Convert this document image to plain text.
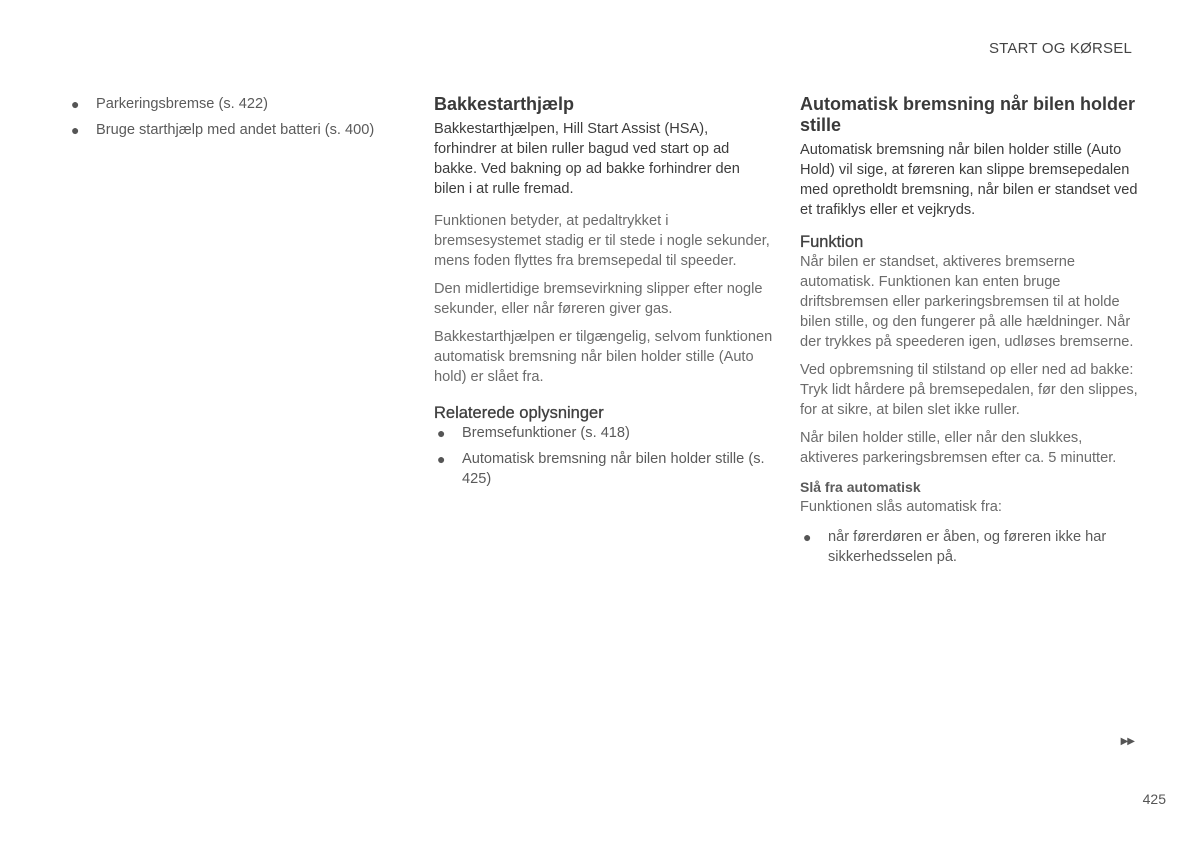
START OG KØRSEL
● Parkeringsbremse (s. 422)
● Bruge starthjælp med andet batteri (s. 400)
Bakkestarthjælp

Bakkestarthjælpen, Hill Start Assist (HSA), forhindrer at bilen ruller bagud ved start op ad bakke. Ved bakning op ad bakke forhindrer den bilen i at rulle fremad.

Funktionen betyder, at pedaltrykket i bremsesystemet stadig er til stede i nogle sekunder, mens foden flyttes fra bremsepedal til speeder.

Den midlertidige bremsevirkning slipper efter nogle sekunder, eller når føreren giver gas.

Bakkestarthjælpen er tilgængelig, selvom funktionen automatisk bremsning når bilen holder stille (Auto hold) er slået fra.

Relaterede oplysninger
● Bremsefunktioner (s. 418)
● Automatisk bremsning når bilen holder stille (s. 425)
Automatisk bremsning når bilen holder stille

Automatisk bremsning når bilen holder stille (Auto Hold) vil sige, at føreren kan slippe bremsepedalen med opretholdt bremsning, når bilen er standset ved et trafiklys eller et vejkryds.

Funktion

Når bilen er standset, aktiveres bremserne automatisk. Funktionen kan enten bruge driftsbremsen eller parkeringsbremsen til at holde bilen stille, og den fungerer på alle hældninger. Når der trykkes på speederen igen, udløses bremserne.

Ved opbremsning til stilstand op eller ned ad bakke: Tryk lidt hårdere på bremsepedalen, før den slippes, for at sikre, at bilen slet ikke ruller.

Når bilen holder stille, eller når den slukkes, aktiveres parkeringsbremsen efter ca. 5 minutter.

Slå fra automatisk

Funktionen slås automatisk fra:

● når førerdøren er åben, og føreren ikke har sikkerhedsselen på.
▶▶
425
